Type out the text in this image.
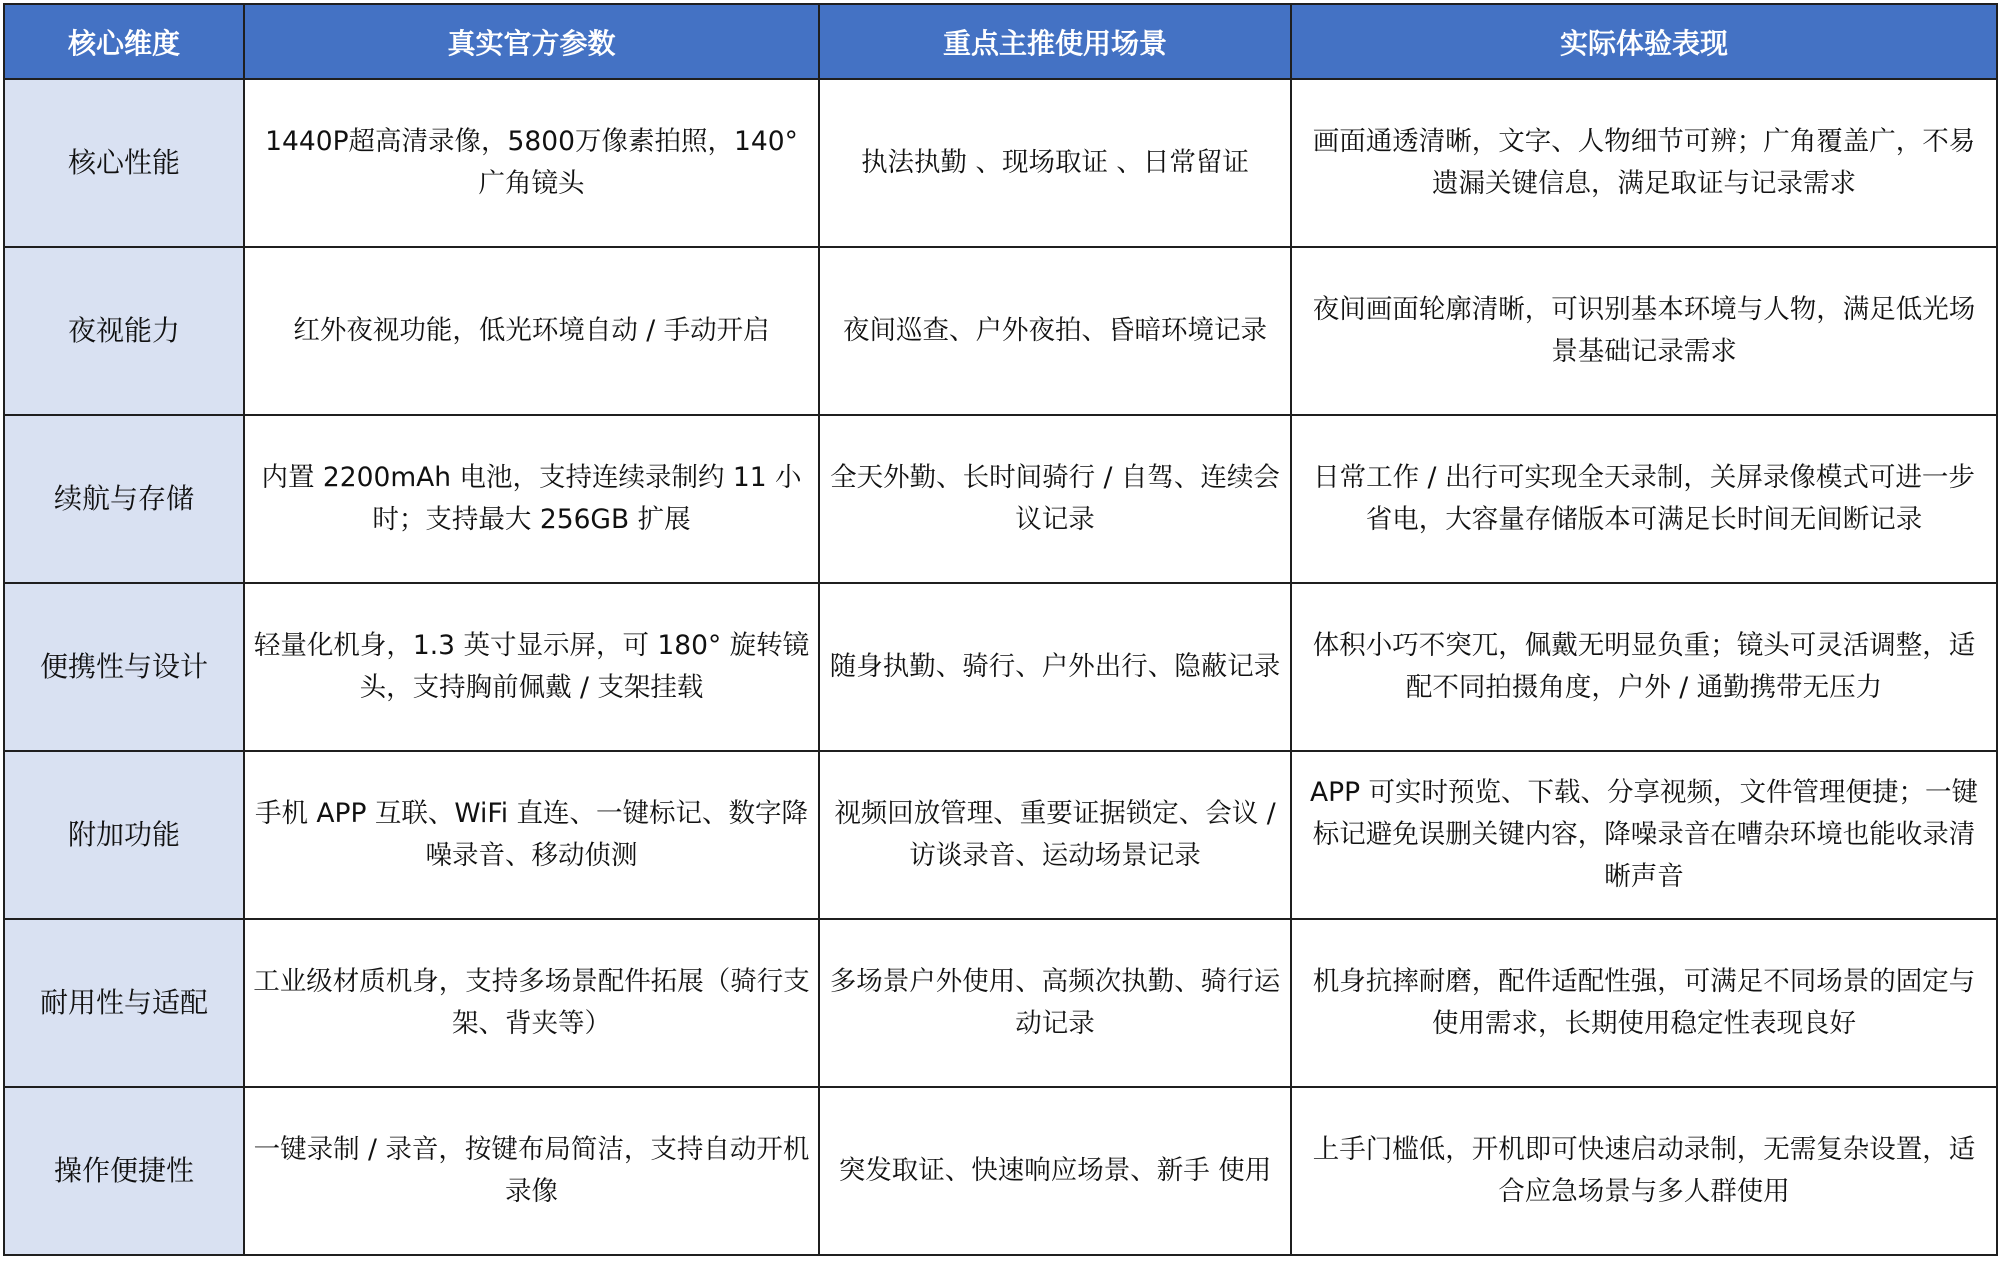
核心维度	真实官方参数	重点主推使用场景	实际体验表现
核心性能	1440P超高清录像，5800万像素拍照，140°广角镜头	执法执勤 、现场取证 、日常留证	画面通透清晰，文字、人物细节可辨；广角覆盖广，不易遗漏关键信息，满足取证与记录需求
夜视能力	红外夜视功能，低光环境自动 / 手动开启	夜间巡查、户外夜拍、昏暗环境记录	夜间画面轮廓清晰，可识别基本环境与人物，满足低光场景基础记录需求
续航与存储	内置 2200mAh 电池，支持连续录制约 11 小时；支持最大 256GB 扩展	全天外勤、长时间骑行 / 自驾、连续会议记录	日常工作 / 出行可实现全天录制，关屏录像模式可进一步省电，大容量存储版本可满足长时间无间断记录
便携性与设计	轻量化机身，1.3 英寸显示屏，可 180° 旋转镜头，支持胸前佩戴 / 支架挂载	随身执勤、骑行、户外出行、隐蔽记录	体积小巧不突兀，佩戴无明显负重；镜头可灵活调整，适配不同拍摄角度，户外 / 通勤携带无压力
附加功能	手机 APP 互联、WiFi 直连、一键标记、数字降噪录音、移动侦测	视频回放管理、重要证据锁定、会议 / 访谈录音、运动场景记录	APP 可实时预览、下载、分享视频，文件管理便捷；一键标记避免误删关键内容，降噪录音在嘈杂环境也能收录清晰声音
耐用性与适配	工业级材质机身，支持多场景配件拓展（骑行支架、背夹等）	多场景户外使用、高频次执勤、骑行运动记录	机身抗摔耐磨，配件适配性强，可满足不同场景的固定与使用需求，长期使用稳定性表现良好
操作便捷性	一键录制 / 录音，按键布局简洁，支持自动开机录像	突发取证、快速响应场景、新手 使用	上手门槛低，开机即可快速启动录制，无需复杂设置，适合应急场景与多人群使用
